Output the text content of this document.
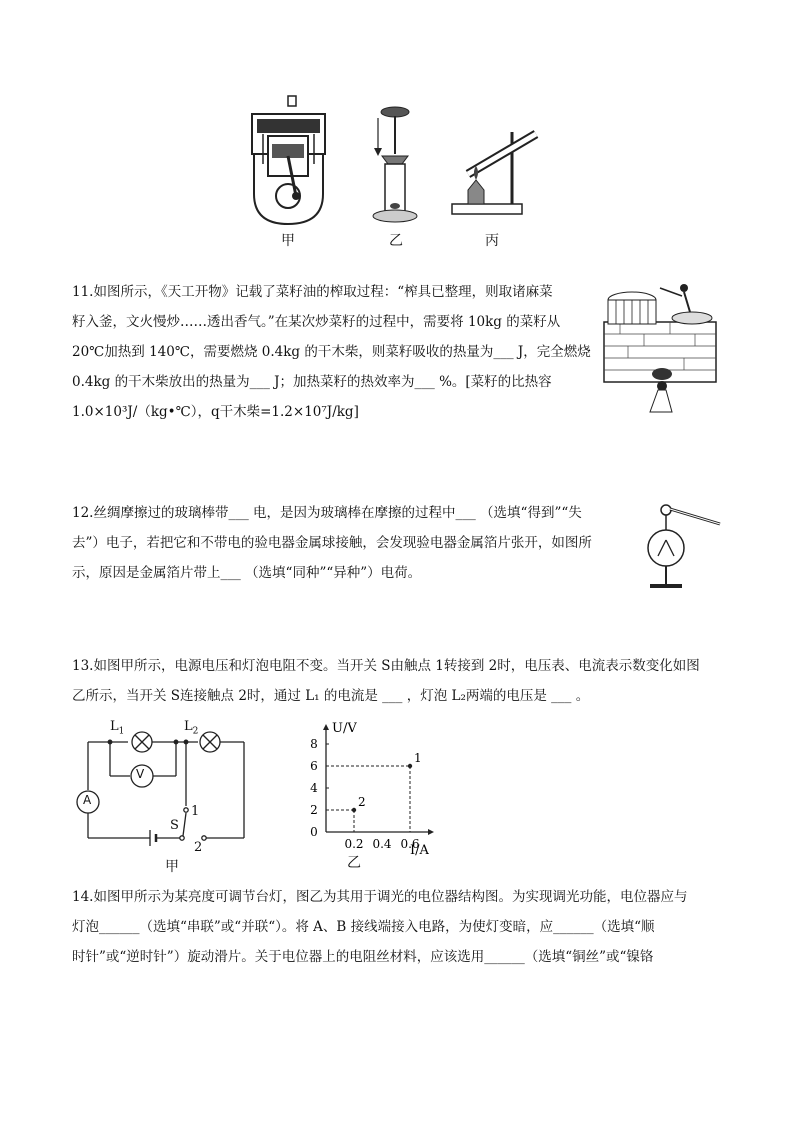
甲	乙	丙
11.如图所示，《天工开物》记载了菜籽油的榨取过程：“榨具已整理，则取诸麻菜
籽入釜，文火慢炒……透出香气。”在某次炒菜籽的过程中，需要将 10kg 的菜籽从
20℃加热到 140℃，需要燃烧 0.4kg 的干木柴，则菜籽吸收的热量为___ J，完全燃烧
0.4kg 的干木柴放出的热量为___ J；加热菜籽的热效率为___ %。[菜籽的比热容
1.0×10³J/（kg•℃），q干木柴=1.2×10⁷J/kg]
12.丝绸摩擦过的玻璃棒带___ 电，是因为玻璃棒在摩擦的过程中___ （选填“得到”“失
去”）电子，若把它和不带电的验电器金属球接触，会发现验电器金属箔片张开，如图所
示，原因是金属箔片带上___ （选填“同种”“异种”）电荷。
13.如图甲所示，电源电压和灯泡电阻不变。当开关 S由触点 1转接到 2时，电压表、电流表示数变化如图
乙所示，当开关 S连接触点 2时，通过 L₁ 的电流是 ___ ，灯泡 L₂两端的电压是 ___ 。
$L_1$	$L_2$
V
A
S
1
2
甲
U/V
I/A
0
2
4
6
8
0.2 0.4 0.6
1
2
乙
14.如图甲所示为某亮度可调节台灯，图乙为其用于调光的电位器结构图。为实现调光功能，电位器应与
灯泡______（选填“串联”或“并联“）。将 A、B 接线端接入电路，为使灯变暗，应______（选填“顺
时针”或“逆时针”）旋动滑片。关于电位器上的电阻丝材料，应该选用______（选填“铜丝”或“镍铬
